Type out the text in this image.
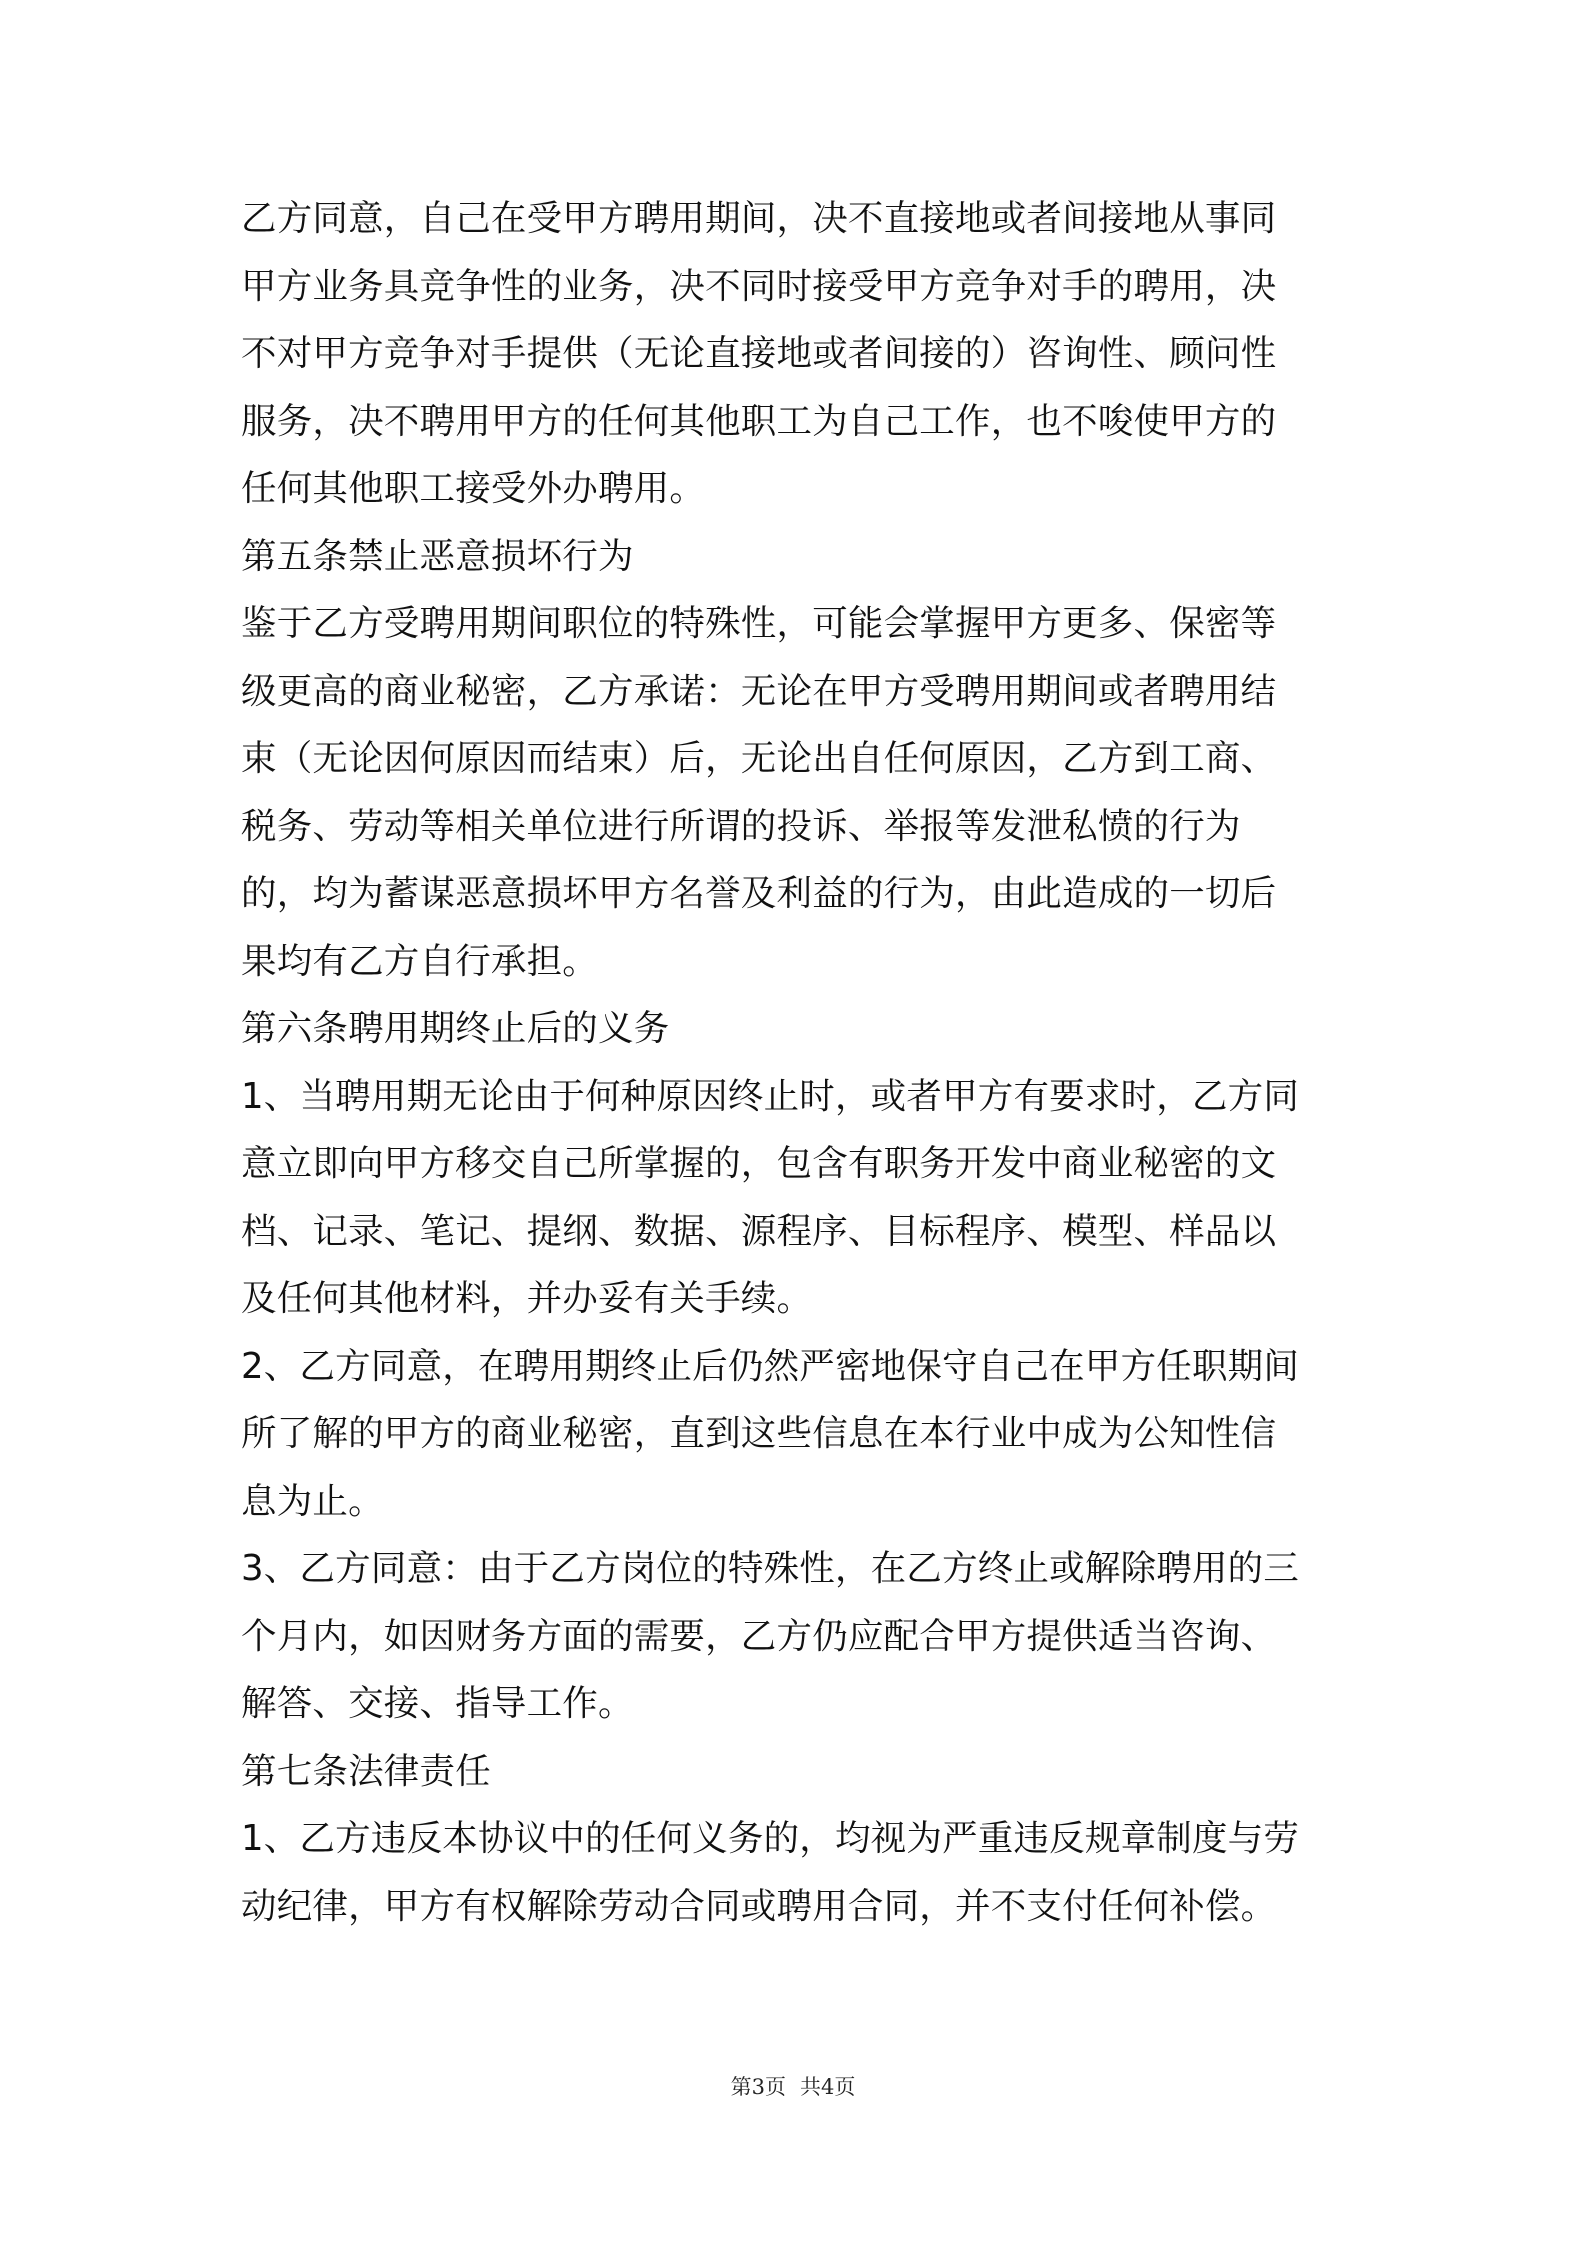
乙方同意，自己在受甲方聘用期间，决不直接地或者间接地从事同
甲方业务具竞争性的业务，决不同时接受甲方竞争对手的聘用，决
不对甲方竞争对手提供（无论直接地或者间接的）咨询性、顾问性
服务，决不聘用甲方的任何其他职工为自己工作，也不唆使甲方的
任何其他职工接受外办聘用。
第五条禁止恶意损坏行为
鉴于乙方受聘用期间职位的特殊性，可能会掌握甲方更多、保密等
级更高的商业秘密，乙方承诺：无论在甲方受聘用期间或者聘用结
束（无论因何原因而结束）后，无论出自任何原因，乙方到工商、
税务、劳动等相关单位进行所谓的投诉、举报等发泄私愤的行为
的，均为蓄谋恶意损坏甲方名誉及利益的行为，由此造成的一切后
果均有乙方自行承担。
第六条聘用期终止后的义务
1、当聘用期无论由于何种原因终止时，或者甲方有要求时，乙方同
意立即向甲方移交自己所掌握的，包含有职务开发中商业秘密的文
档、记录、笔记、提纲、数据、源程序、目标程序、模型、样品以
及任何其他材料，并办妥有关手续。
2、乙方同意，在聘用期终止后仍然严密地保守自己在甲方任职期间
所了解的甲方的商业秘密，直到这些信息在本行业中成为公知性信
息为止。
3、乙方同意：由于乙方岗位的特殊性，在乙方终止或解除聘用的三
个月内，如因财务方面的需要，乙方仍应配合甲方提供适当咨询、
解答、交接、指导工作。
第七条法律责任
1、乙方违反本协议中的任何义务的，均视为严重违反规章制度与劳
动纪律，甲方有权解除劳动合同或聘用合同，并不支付任何补偿。
第3页 共4页
